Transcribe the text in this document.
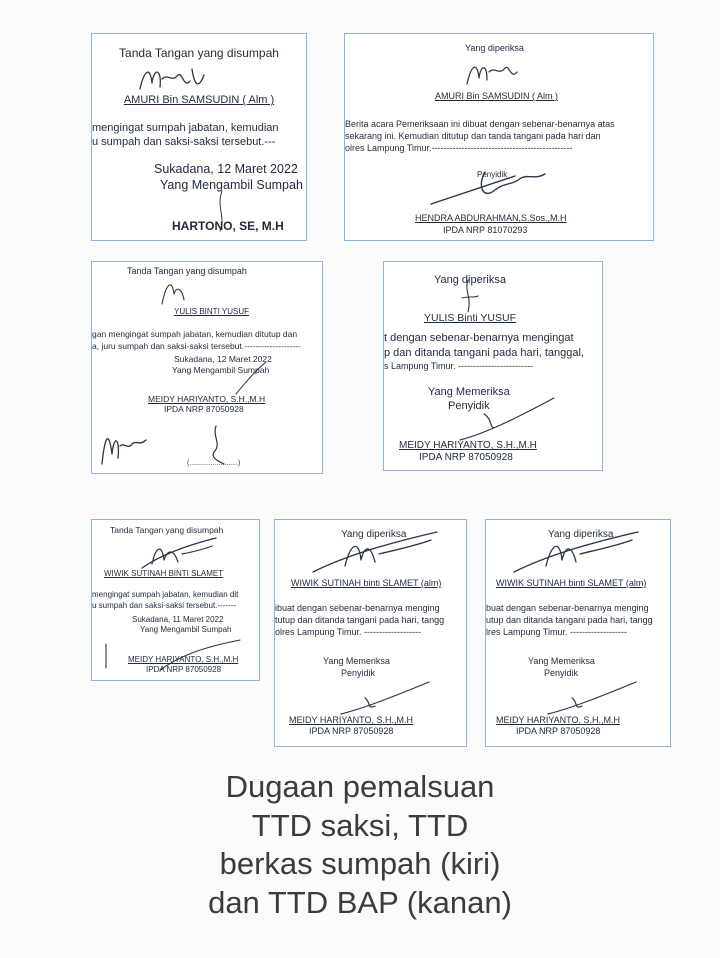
Tanda Tangan yang disumpah
AMURI Bin SAMSUDIN ( Alm )
mengingat sumpah jabatan, kemudian
u sumpah dan saksi-saksi tersebut.---
Sukadana, 12 Maret 2022
Yang Mengambil Sumpah
HARTONO, SE, M.H
Yang diperiksa
AMURI Bin SAMSUDIN ( Alm )
Berita acara Pemeriksaan ini dibuat dengan sebenar-benarnya atas
sekarang ini. Kemudian ditutup dan tanda tangani pada hari dan
olres Lampung Timur.-----------------------------------------------
Penyidik
HENDRA ABDURAHMAN,S.Sos.,M.H
IPDA NRP 81070293
Tanda Tangan yang disumpah
YULIS BINTI YUSUF
gan mengingat sumpah jabatan, kemudian ditutup dan
a, juru sumpah dan saksi-saksi tersebut.--------------------
Sukadana, 12 Maret 2022
Yang Mengambil Sumpah
MEIDY HARIYANTO, S.H.,M.H
IPDA NRP 87050928
(.........................)
Yang diperiksa
YULIS Binti YUSUF
t dengan sebenar-benarnya mengingat
p dan ditanda tangani pada hari, tanggal,
s Lampung Timur. -------------------------
Yang Memeriksa
Penyidik
MEIDY HARIYANTO, S.H.,M.H
IPDA NRP 87050928
Tanda Tangan yang disumpah
WIWIK SUTINAH BINTI SLAMET
mengingat sumpah jabatan, kemudian dit
u sumpah dan saksi-saksi tersebut.-------
Sukadana, 11 Maret 2022
Yang Mengambil Sumpah
MEIDY HARIYANTO, S.H.,M.H
IPDA NRP 87050928
Yang diperiksa
WIWIK SUTINAH binti SLAMET (alm)
ibuat dengan sebenar-benarnya menging
tutup dan ditanda tangani pada hari, tangg
olres Lampung Timur. -------------------
Yang Memeriksa
Penyidik
MEIDY HARIYANTO, S.H.,M.H
IPDA NRP 87050928
Yang diperiksa
WIWIK SUTINAH binti SLAMET (alm)
buat dengan sebenar-benarnya menging
utup dan ditanda tangani pada hari, tangg
lres Lampung Timur. -------------------
Yang Memeriksa
Penyidik
MEIDY HARIYANTO, S.H.,M.H
IPDA NRP 87050928
Dugaan pemalsuan
TTD saksi, TTD
berkas sumpah (kiri)
dan TTD BAP (kanan)
